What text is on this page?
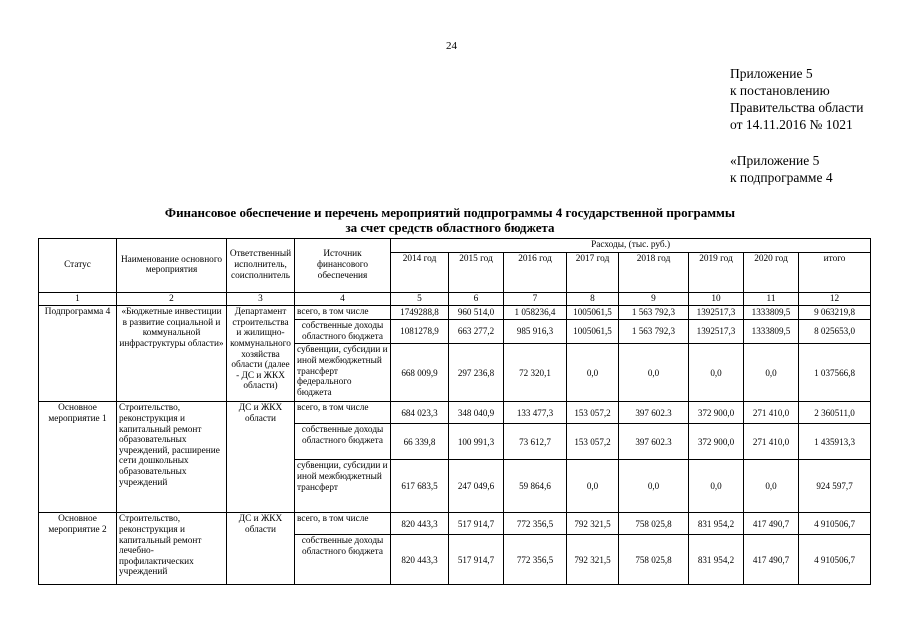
24
Приложение 5
к постановлению
Правительства области
от 14.11.2016 № 1021
«Приложение 5
к подпрограмме 4
Финансовое обеспечение и перечень мероприятий подпрограммы 4 государственной программы
за счет средств областного бюджета
Статус	Наименование основного мероприятия	Ответственный исполнитель, соисполнитель	Источник финансового обеспечения	Расходы, (тыс. руб.)							
				2014 год	2015 год	2016 год	2017 год	2018 год	2019 год	2020 год	итого
1	2	3	4	5	6	7	8	9	10	11	12
Подпрограмма 4	«Бюджетные инвестиции в развитие социальной и коммунальной инфраструктуры области»	Департамент строительства и жилищно-коммунального хозяйства области (далее - ДС и ЖКХ области)	всего, в том числе	1749288,8	960 514,0	1 058236,4	1005061,5	1 563 792,3	1392517,3	1333809,5	9 063219,8
			собственные доходы областного бюджета	1081278,9	663 277,2	985 916,3	1005061,5	1 563 792,3	1392517,3	1333809,5	8 025653,0
			субвенции, субсидии и иной межбюджетный трансферт федерального бюджета	668 009,9	297 236,8	72 320,1	0,0	0,0	0,0	0,0	1 037566,8
Основное мероприятие 1	Строительство, реконструкция и капитальный ремонт образовательных учреждений, расширение сети дошкольных образовательных учреждений	ДС и ЖКХ области	всего, в том числе	684 023,3	348 040,9	133 477,3	153 057,2	397 602.3	372 900,0	271 410,0	2 360511,0
			собственные доходы областного бюджета	66 339,8	100 991,3	73 612,7	153 057,2	397 602.3	372 900,0	271 410,0	1 435913,3
			субвенции, субсидии и иной межбюджетный трансферт	617 683,5	247 049,6	59 864,6	0,0	0,0	0,0	0,0	924 597,7
Основное мероприятие 2	Строительство, реконструкция и капитальный ремонт лечебно-профилактических учреждений	ДС и ЖКХ области	всего, в том числе	820 443,3	517 914,7	772 356,5	792 321,5	758 025,8	831 954,2	417 490,7	4 910506,7
			собственные доходы областного бюджета	820 443,3	517 914,7	772 356,5	792 321,5	758 025,8	831 954,2	417 490,7	4 910506,7
